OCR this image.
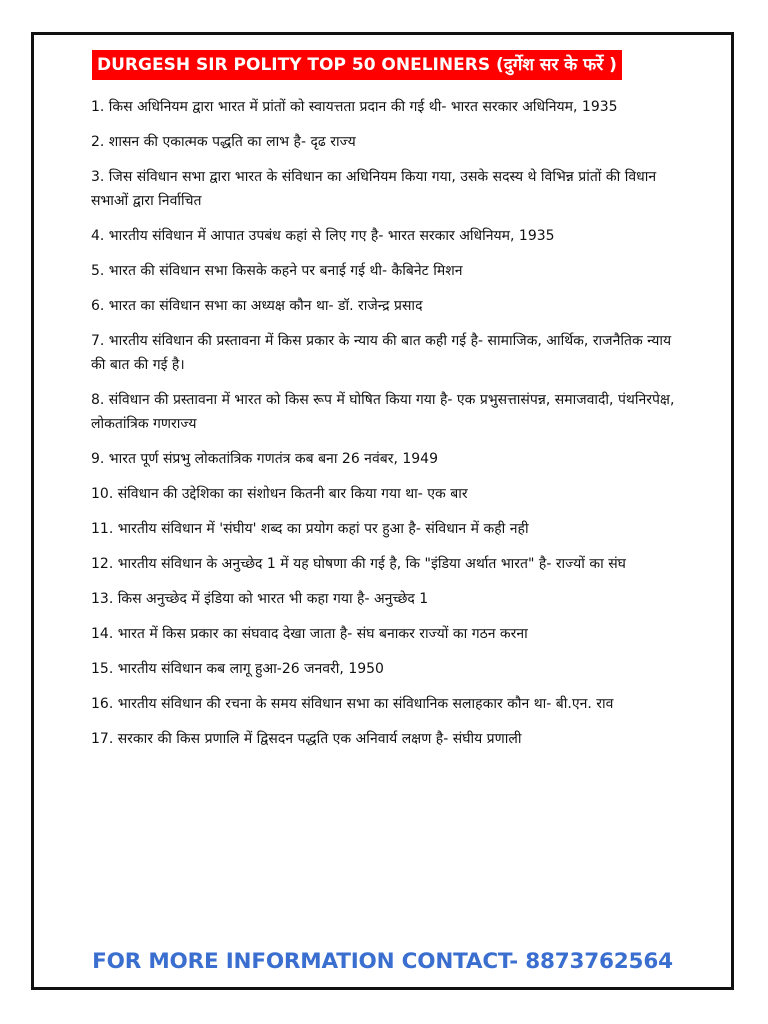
DURGESH SIR POLITY TOP 50 ONELINERS (दुर्गेश सर के फर्रे )
1. किस अधिनियम द्वारा भारत में प्रांतों को स्वायत्तता प्रदान की गई थी- भारत सरकार अधिनियम, 1935
2. शासन की एकात्मक पद्धति का लाभ है- दृढ राज्य
3. जिस संविधान सभा द्वारा भारत के संविधान का अधिनियम किया गया, उसके सदस्य थे विभिन्न प्रांतों की विधान सभाओं द्वारा निर्वाचित
4. भारतीय संविधान में आपात उपबंध कहां से लिए गए है- भारत सरकार अधिनियम, 1935
5. भारत की संविधान सभा किसके कहने पर बनाई गई थी- कैबिनेट मिशन
6. भारत का संविधान सभा का अध्यक्ष कौन था- डॉ. राजेन्द्र प्रसाद
7. भारतीय संविधान की प्रस्तावना में किस प्रकार के न्याय की बात कही गई है- सामाजिक, आर्थिक, राजनैतिक न्याय की बात की गई है।
8. संविधान की प्रस्तावना में भारत को किस रूप में घोषित किया गया है- एक प्रभुसत्तासंपन्न, समाजवादी, पंथनिरपेक्ष, लोकतांत्रिक गणराज्य
9. भारत पूर्ण संप्रभु लोकतांत्रिक गणतंत्र कब बना 26 नवंबर, 1949
10. संविधान की उद्देशिका का संशोधन कितनी बार किया गया था- एक बार
11. भारतीय संविधान में 'संघीय' शब्द का प्रयोग कहां पर हुआ है- संविधान में कही नही
12. भारतीय संविधान के अनुच्छेद 1 में यह घोषणा की गई है, कि "इंडिया अर्थात भारत" है- राज्यों का संघ
13. किस अनुच्छेद में इंडिया को भारत भी कहा गया है- अनुच्छेद 1
14. भारत में किस प्रकार का संघवाद देखा जाता है- संघ बनाकर राज्यों का गठन करना
15. भारतीय संविधान कब लागू हुआ-26 जनवरी, 1950
16. भारतीय संविधान की रचना के समय संविधान सभा का संविधानिक सलाहकार कौन था- बी.एन. राव
17. सरकार की किस प्रणालि में द्विसदन पद्धति एक अनिवार्य लक्षण है- संघीय प्रणाली
FOR MORE INFORMATION CONTACT- 8873762564
